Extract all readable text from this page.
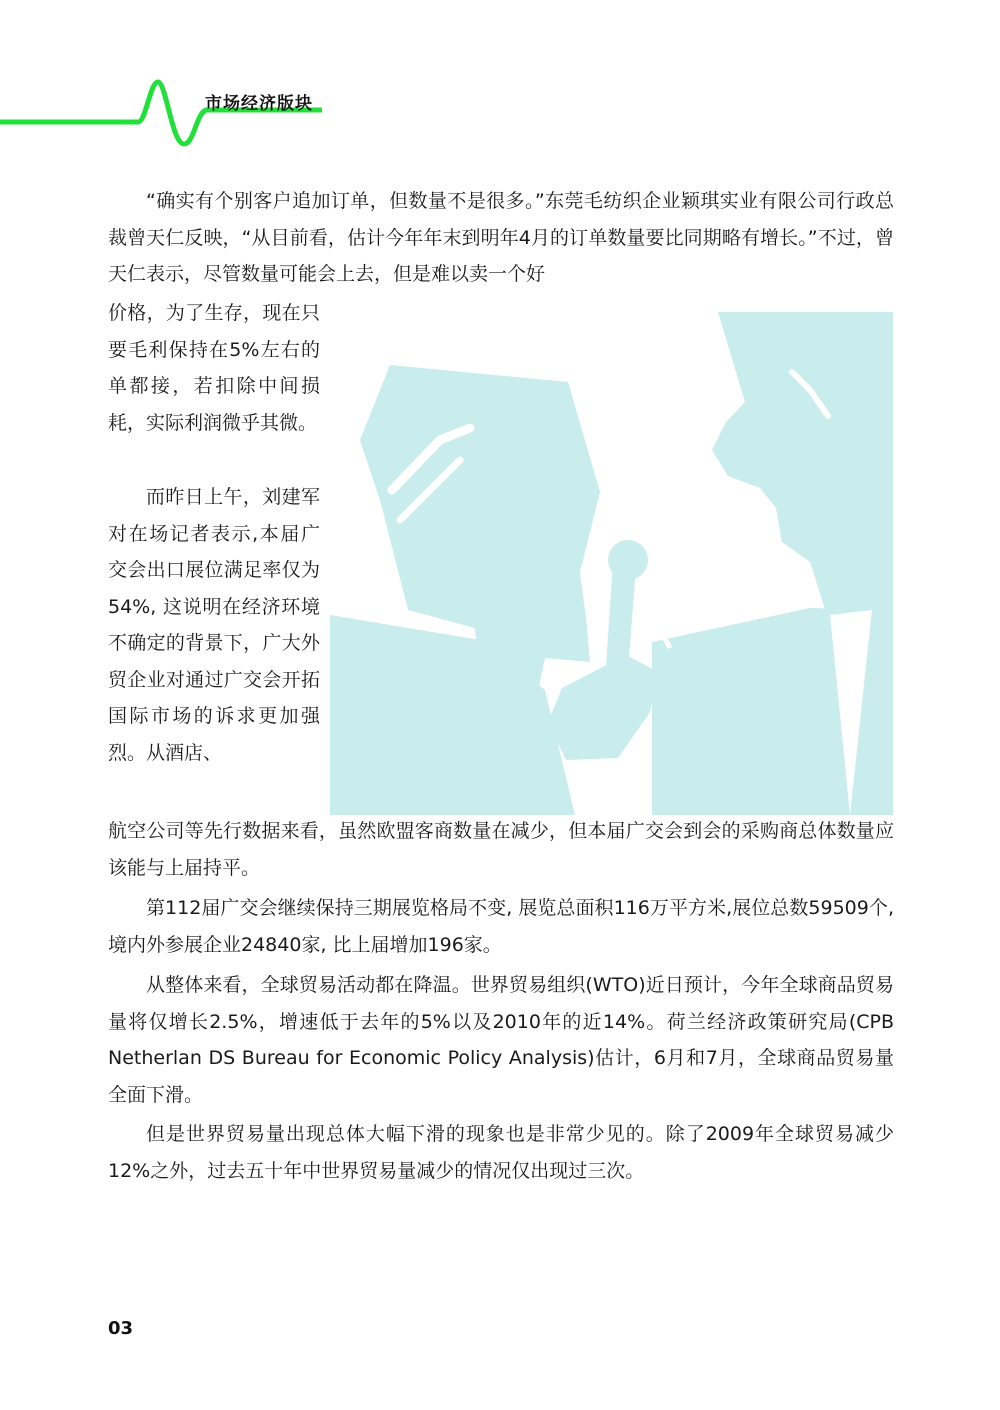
市场经济版块

“确实有个别客户追加订单，但数量不是很多。”东莞毛纺织企业颖琪实业有限公司行政总裁曾天仁反映，“从目前看，估计今年年末到明年4月的订单数量要比同期略有增长。”不过，曾天仁表示，尽管数量可能会上去，但是难以卖一个好

价格，为了生存，现在只要毛利保持在5%左右的单都接，若扣除中间损耗，实际利润微乎其微。

而昨日上午，刘建军对在场记者表示,本届广交会出口展位满足率仅为54%, 这说明在经济环境不确定的背景下，广大外贸企业对通过广交会开拓国际市场的诉求更加强烈。从酒店、

航空公司等先行数据来看，虽然欧盟客商数量在减少，但本届广交会到会的采购商总体数量应该能与上届持平。

第112届广交会继续保持三期展览格局不变, 展览总面积116万平方米,展位总数59509个,境内外参展企业24840家, 比上届增加196家。

从整体来看，全球贸易活动都在降温。世界贸易组织(WTO)近日预计，今年全球商品贸易量将仅增长2.5%，增速低于去年的5%以及2010年的近14%。荷兰经济政策研究局(CPB Netherlan DS Bureau for Economic Policy Analysis)估计，6月和7月，全球商品贸易量全面下滑。

但是世界贸易量出现总体大幅下滑的现象也是非常少见的。除了2009年全球贸易减少12%之外，过去五十年中世界贸易量减少的情况仅出现过三次。

03
